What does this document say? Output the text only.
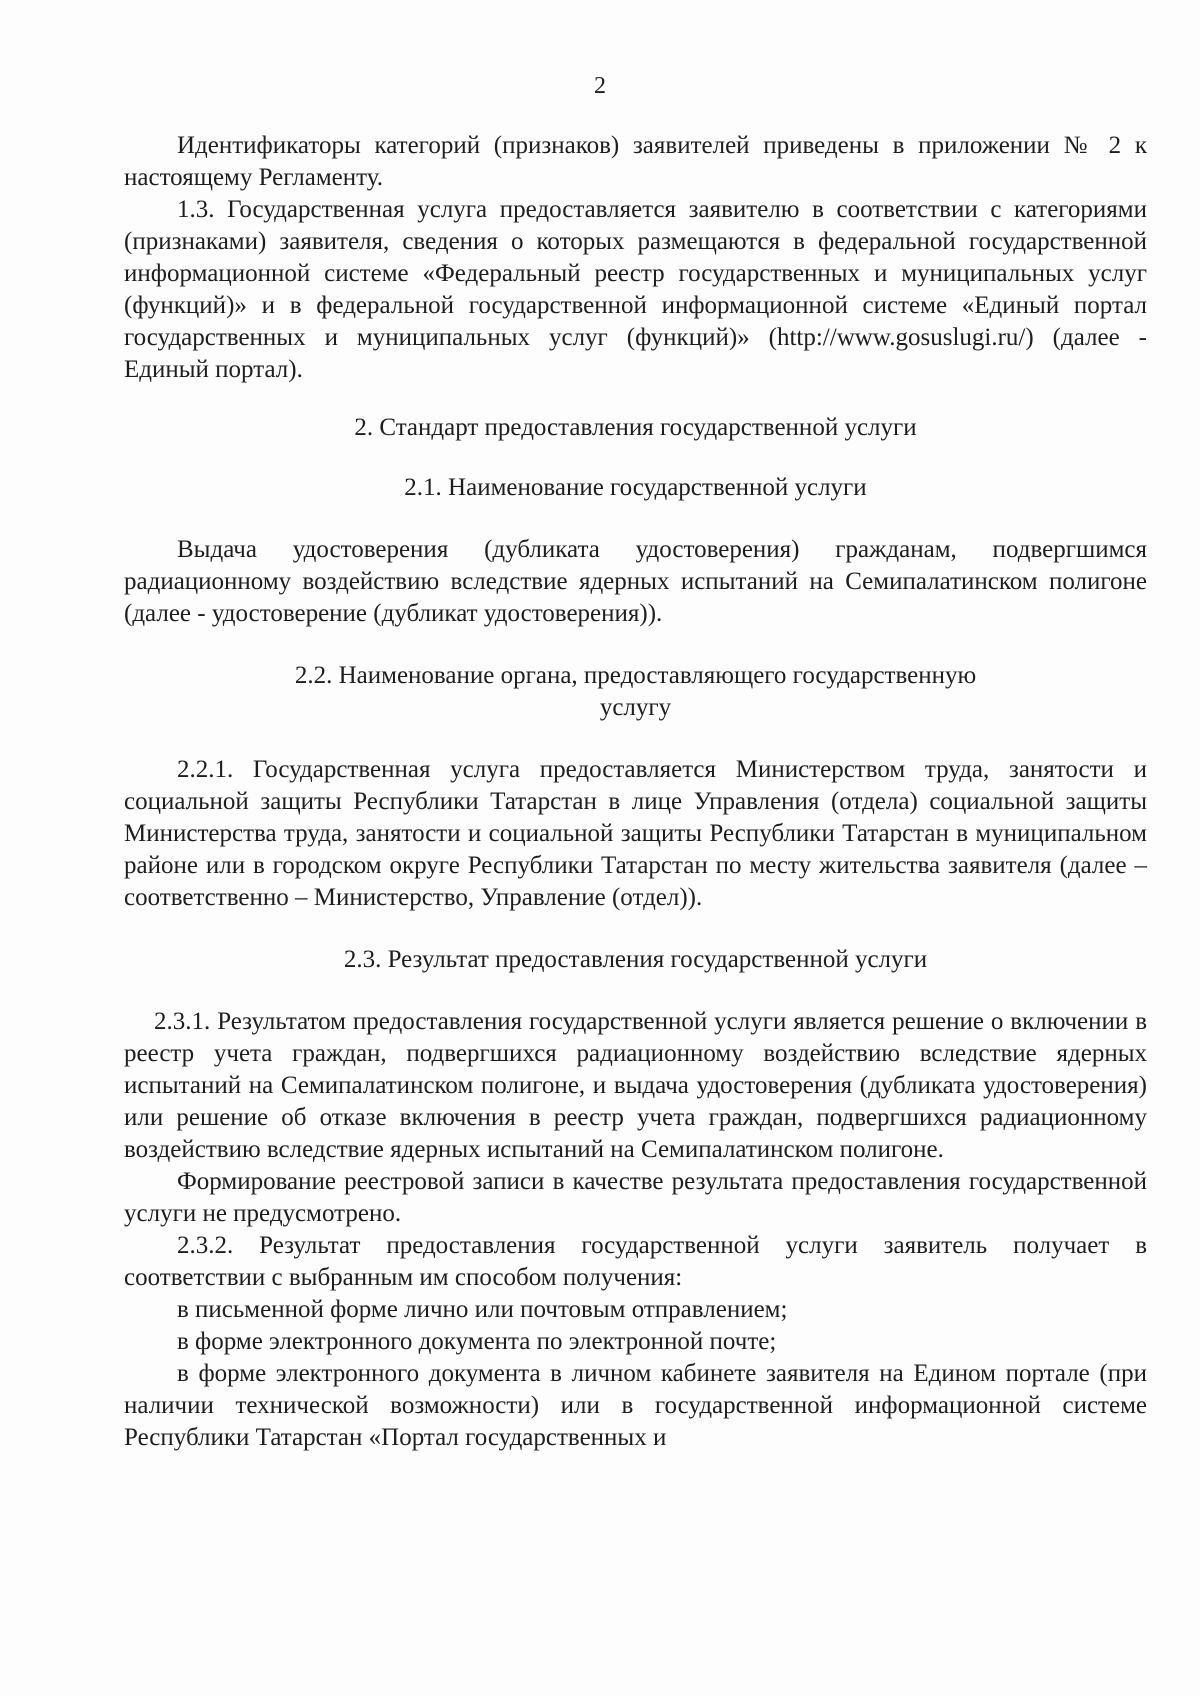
2

Идентификаторы категорий (признаков) заявителей приведены в приложении № 2 к настоящему Регламенту.

1.3. Государственная услуга предоставляется заявителю в соответствии с категориями (признаками) заявителя, сведения о которых размещаются в федеральной государственной информационной системе «Федеральный реестр государственных и муниципальных услуг (функций)» и в федеральной государственной информационной системе «Единый портал государственных и муниципальных услуг (функций)» (http://www.gosuslugi.ru/) (далее - Единый портал).

2. Стандарт предоставления государственной услуги

2.1. Наименование государственной услуги

Выдача удостоверения (дубликата удостоверения) гражданам, подвергшимся радиационному воздействию вследствие ядерных испытаний на Семипалатинском полигоне (далее - удостоверение (дубликат удостоверения)).

2.2. Наименование органа, предоставляющего государственную

услугу

2.2.1. Государственная услуга предоставляется Министерством труда, занятости и социальной защиты Республики Татарстан в лице Управления (отдела) социальной защиты Министерства труда, занятости и социальной защиты Республики Татарстан в муниципальном районе или в городском округе Республики Татарстан по месту жительства заявителя (далее – соответственно – Министерство, Управление (отдел)).

2.3. Результат предоставления государственной услуги

2.3.1. Результатом предоставления государственной услуги является решение о включении в реестр учета граждан, подвергшихся радиационному воздействию вследствие ядерных испытаний на Семипалатинском полигоне, и выдача удостоверения (дубликата удостоверения) или решение об отказе включения в реестр учета граждан, подвергшихся радиационному воздействию вследствие ядерных испытаний на Семипалатинском полигоне.

Формирование реестровой записи в качестве результата предоставления государственной услуги не предусмотрено.

2.3.2. Результат предоставления государственной услуги заявитель получает в соответствии с выбранным им способом получения:

в письменной форме лично или почтовым отправлением;

в форме электронного документа по электронной почте;

в форме электронного документа в личном кабинете заявителя на Едином портале (при наличии технической возможности) или в государственной информационной системе Республики Татарстан «Портал государственных и
